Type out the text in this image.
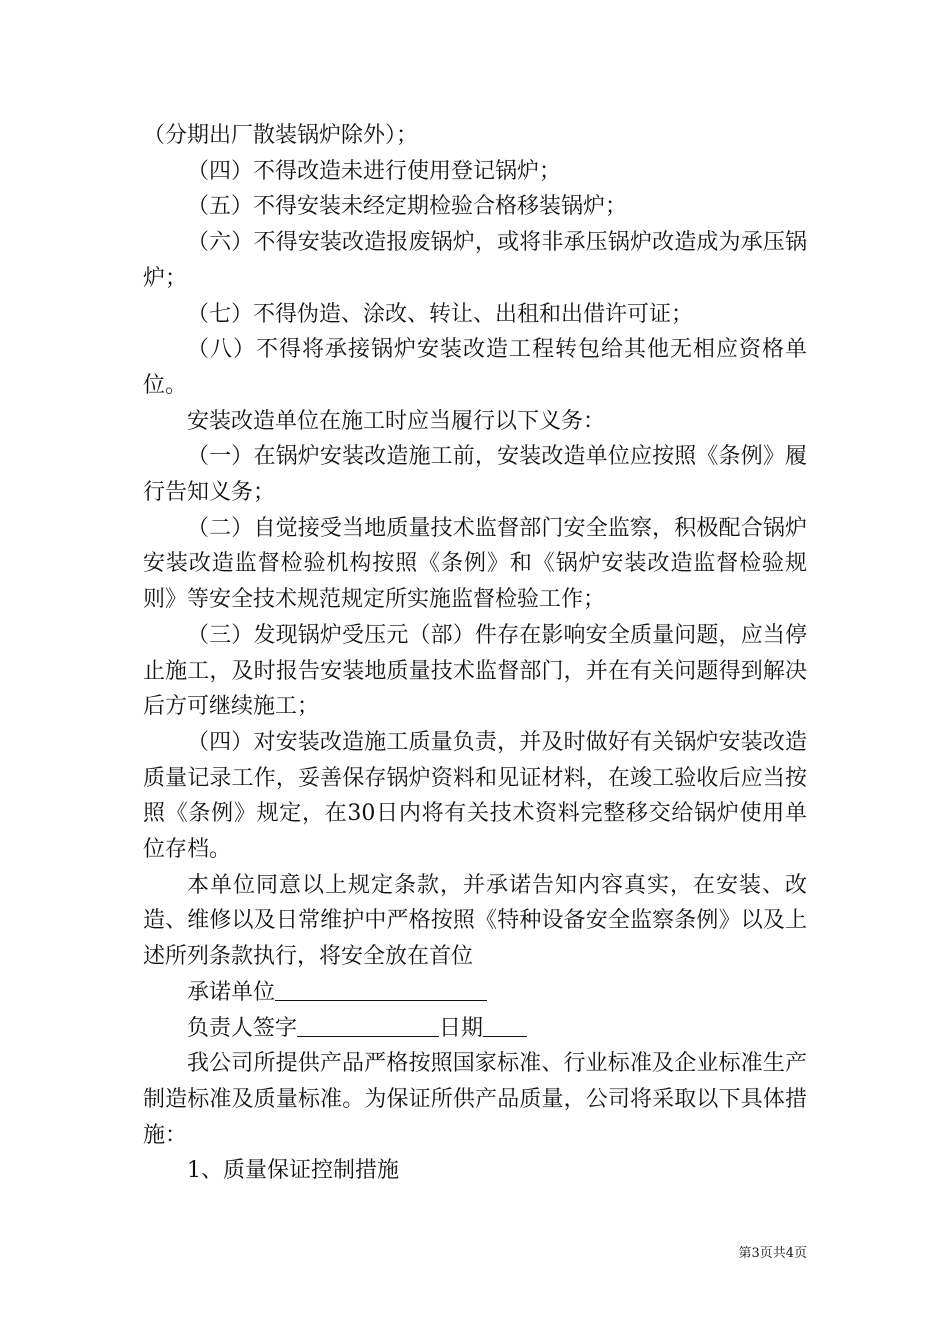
（分期出厂散装锅炉除外）；

（四）不得改造未进行使用登记锅炉；

（五）不得安装未经定期检验合格移装锅炉；

（六）不得安装改造报废锅炉，或将非承压锅炉改造成为承压锅炉；

（七）不得伪造、涂改、转让、出租和出借许可证；

（八）不得将承接锅炉安装改造工程转包给其他无相应资格单位。

安装改造单位在施工时应当履行以下义务：

（一）在锅炉安装改造施工前，安装改造单位应按照《条例》履行告知义务；

（二）自觉接受当地质量技术监督部门安全监察，积极配合锅炉安装改造监督检验机构按照《条例》和《锅炉安装改造监督检验规则》等安全技术规范规定所实施监督检验工作；

（三）发现锅炉受压元（部）件存在影响安全质量问题，应当停止施工，及时报告安装地质量技术监督部门，并在有关问题得到解决后方可继续施工；

（四）对安装改造施工质量负责，并及时做好有关锅炉安装改造质量记录工作，妥善保存锅炉资料和见证材料，在竣工验收后应当按照《条例》规定，在30日内将有关技术资料完整移交给锅炉使用单位存档。

本单位同意以上规定条款，并承诺告知内容真实，在安装、改造、维修以及日常维护中严格按照《特种设备安全监察条例》以及上述所列条款执行，将安全放在首位

承诺单位

负责人签字	日期

我公司所提供产品严格按照国家标准、行业标准及企业标准生产制造标准及质量标准。为保证所供产品质量，公司将采取以下具体措施：

1、质量保证控制措施

第3页共4页
